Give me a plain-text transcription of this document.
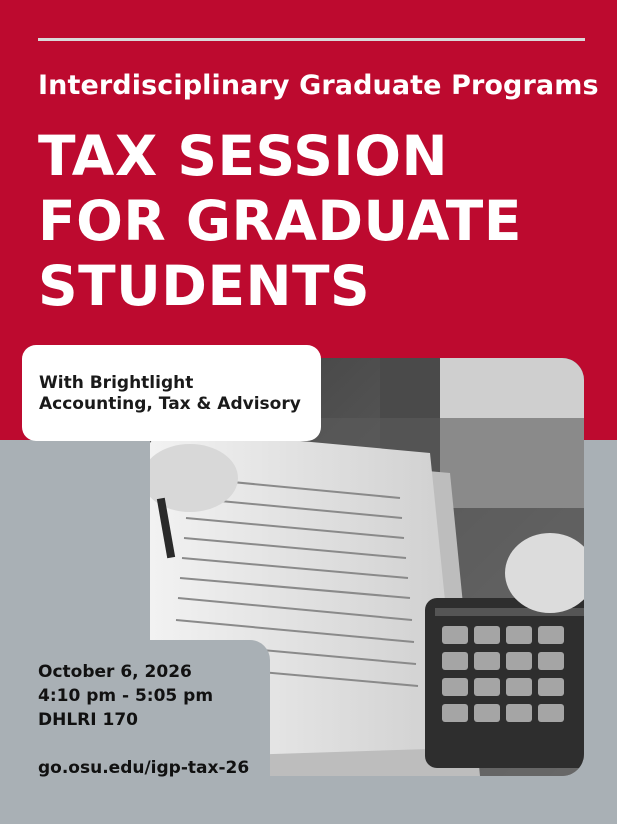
Interdisciplinary Graduate Programs
TAX SESSION
FOR GRADUATE
STUDENTS
With Brightlight
Accounting, Tax & Advisory
October 6, 2026
4:10 pm - 5:05 pm
DHLRI 170
go.osu.edu/igp-tax-26
